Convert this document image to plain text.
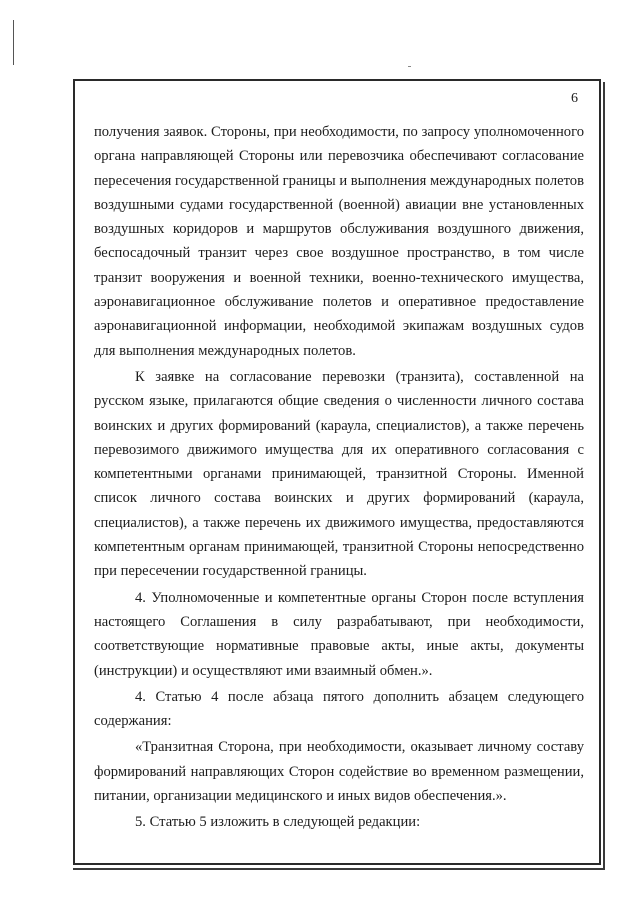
6

получения заявок. Стороны, при необходимости, по запросу уполномоченного органа направляющей Стороны или перевозчика обеспечивают согласование пересечения государственной границы и выполнения международных полетов воздушными судами государственной (военной) авиации вне установленных воздушных коридоров и маршрутов обслуживания воздушного движения, беспосадочный транзит через свое воздушное пространство, в том числе транзит вооружения и военной техники, военно-технического имущества, аэронавигационное обслуживание полетов и оперативное предоставление аэронавигационной информации, необходимой экипажам воздушных судов для выполнения международных полетов.

К заявке на согласование перевозки (транзита), составленной на русском языке, прилагаются общие сведения о численности личного состава воинских и других формирований (караула, специалистов), а также перечень перевозимого движимого имущества для их оперативного согласования с компетентными органами принимающей, транзитной Стороны. Именной список личного состава воинских и других формирований (караула, специалистов), а также перечень их движимого имущества, предоставляются компетентным органам принимающей, транзитной Стороны непосредственно при пересечении государственной границы.

4. Уполномоченные и компетентные органы Сторон после вступления настоящего Соглашения в силу разрабатывают, при необходимости, соответствующие нормативные правовые акты, иные акты, документы (инструкции) и осуществляют ими взаимный обмен.».

4. Статью 4 после абзаца пятого дополнить абзацем следующего содержания:

«Транзитная Сторона, при необходимости, оказывает личному составу формирований направляющих Сторон содействие во временном размещении, питании, организации медицинского и иных видов обеспечения.».

5. Статью 5 изложить в следующей редакции:
